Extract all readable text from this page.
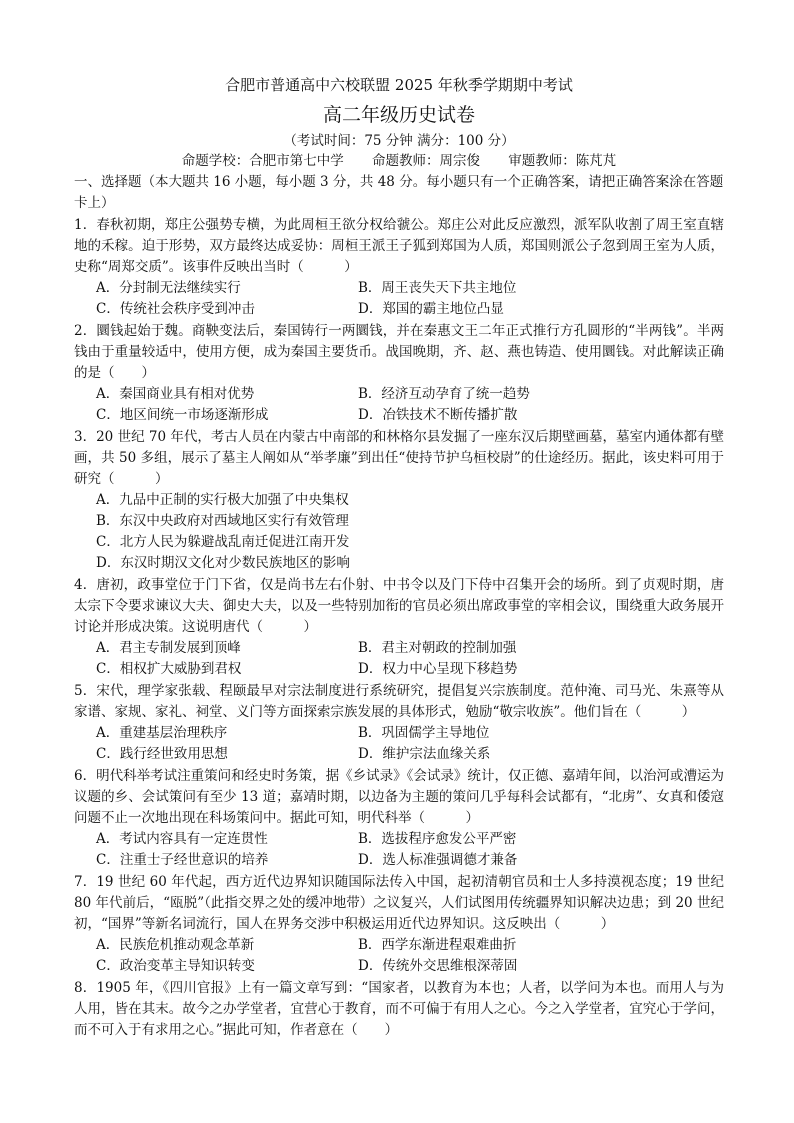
合肥市普通高中六校联盟 2025 年秋季学期期中考试
高二年级历史试卷
（考试时间：75 分钟 满分：100 分）
命题学校：合肥市第七中学 命题教师：周宗俊 审题教师：陈芃芃
一、选择题（本大题共 16 小题，每小题 3 分，共 48 分。每小题只有一个正确答案，请把正确答案涂在答题卡上）
1．春秋初期，郑庄公强势专横，为此周桓王欲分权给虢公。郑庄公对此反应激烈，派军队收割了周王室直辖地的禾稼。迫于形势，双方最终达成妥协：周桓王派王子狐到郑国为人质，郑国则派公子忽到周王室为人质，史称“周郑交质”。该事件反映出当时（　　　）
A．分封制无法继续实行	B．周王丧失天下共主地位
C．传统社会秩序受到冲击	D．郑国的霸主地位凸显
2．圜钱起始于魏。商鞅变法后，秦国铸行一两圜钱，并在秦惠文王二年正式推行方孔圆形的“半两钱”。半两钱由于重量较适中，使用方便，成为秦国主要货币。战国晚期，齐、赵、燕也铸造、使用圜钱。对此解读正确的是（　　）
A．秦国商业具有相对优势	B．经济互动孕育了统一趋势
C．地区间统一市场逐渐形成	D．冶铁技术不断传播扩散
3．20 世纪 70 年代，考古人员在内蒙古中南部的和林格尔县发掘了一座东汉后期壁画墓，墓室内通体都有壁画，共 50 多组，展示了墓主人阐如从“举孝廉”到出任“使持节护乌桓校尉”的仕途经历。据此，该史料可用于研究（　　　）
A．九品中正制的实行极大加强了中央集权
B．东汉中央政府对西域地区实行有效管理
C．北方人民为躲避战乱南迁促进江南开发
D．东汉时期汉文化对少数民族地区的影响
4．唐初，政事堂位于门下省，仅是尚书左右仆射、中书令以及门下侍中召集开会的场所。到了贞观时期，唐太宗下令要求谏议大夫、御史大夫，以及一些特别加衔的官员必须出席政事堂的宰相会议，围绕重大政务展开讨论并形成决策。这说明唐代（　　　）
A．君主专制发展到顶峰	B．君主对朝政的控制加强
C．相权扩大威胁到君权	D．权力中心呈现下移趋势
5．宋代，理学家张载、程颐最早对宗法制度进行系统研究，提倡复兴宗族制度。范仲淹、司马光、朱熹等从家谱、家规、家礼、祠堂、义门等方面探索宗族发展的具体形式，勉励“敬宗收族”。他们旨在（　　　）
A．重建基层治理秩序	B．巩固儒学主导地位
C．践行经世致用思想	D．维护宗法血缘关系
6．明代科举考试注重策问和经史时务策，据《乡试录》《会试录》统计，仅正德、嘉靖年间，以治河或漕运为议题的乡、会试策问有至少 13 道；嘉靖时期，以边备为主题的策问几乎每科会试都有，“北虏”、女真和倭寇问题不止一次地出现在科场策问中。据此可知，明代科举（　　　）
A．考试内容具有一定连贯性	B．选拔程序愈发公平严密
C．注重士子经世意识的培养	D．选人标准强调德才兼备
7．19 世纪 60 年代起，西方近代边界知识随国际法传入中国，起初清朝官员和士人多持漠视态度；19 世纪 80 年代前后，“瓯脱”（此指交界之处的缓冲地带）之议复兴，人们试图用传统疆界知识解决边患；到 20 世纪初，“国界”等新名词流行，国人在界务交涉中积极运用近代边界知识。这反映出（　　　）
A．民族危机推动观念革新	B．西学东渐进程艰难曲折
C．政治变革主导知识转变	D．传统外交思维根深蒂固
8．1905 年，《四川官报》上有一篇文章写到：“国家者，以教育为本也；人者，以学问为本也。而用人与为人用，皆在其末。故今之办学堂者，宜营心于教育，而不可偏于有用人之心。今之入学堂者，宜究心于学问，而不可入于有求用之心。”据此可知，作者意在（　　）
